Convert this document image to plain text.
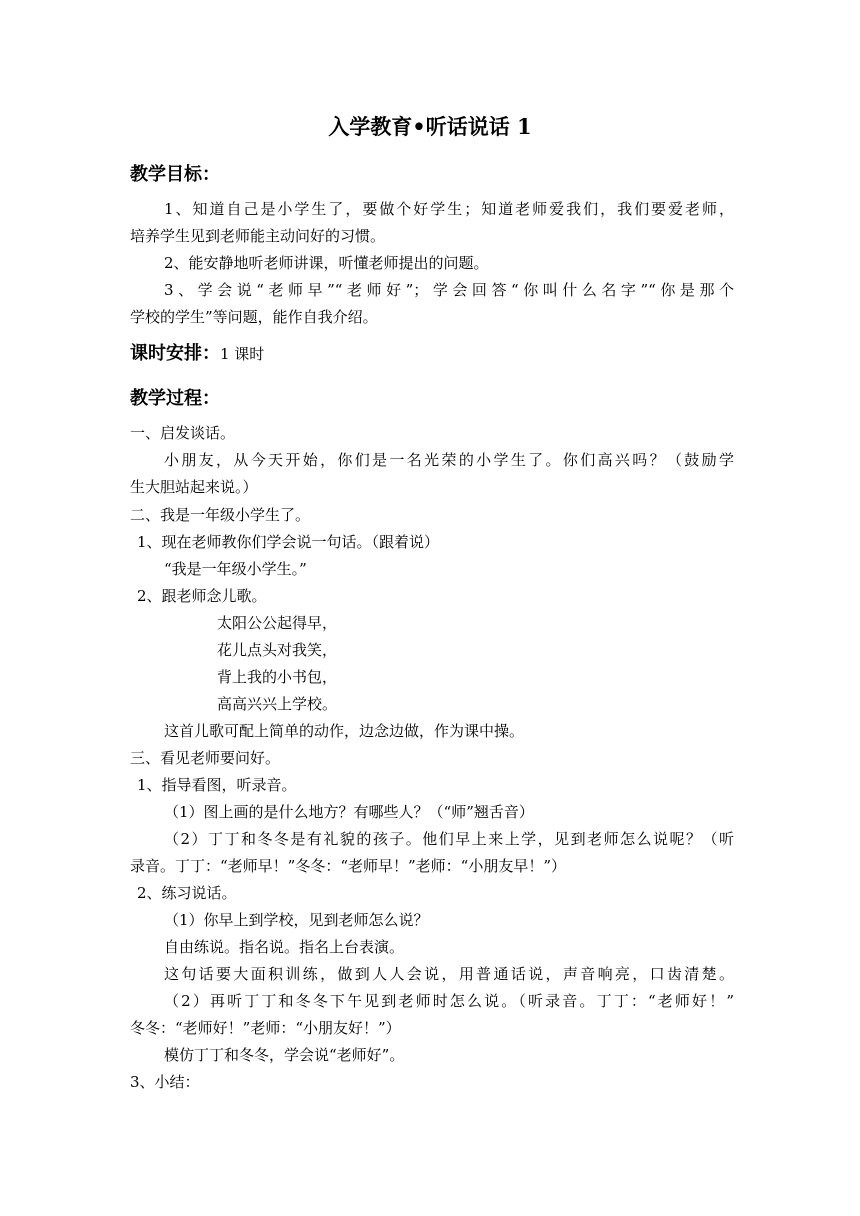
入学教育•听话说话 1
教学目标：
1、知道自己是小学生了，要做个好学生；知道老师爱我们，我们要爱老师，
培养学生见到老师能主动问好的习惯。
2、能安静地听老师讲课，听懂老师提出的问题。
3、学会说“老师早”“老师好”；学会回答“你叫什么名字”“你是那个
学校的学生”等问题，能作自我介绍。
课时安排：1 课时
教学过程：
一、启发谈话。
小朋友，从今天开始，你们是一名光荣的小学生了。你们高兴吗？（鼓励学
生大胆站起来说。）
二、我是一年级小学生了。
1、现在老师教你们学会说一句话。（跟着说）
“我是一年级小学生。”
2、跟老师念儿歌。
太阳公公起得早，
花儿点头对我笑，
背上我的小书包，
高高兴兴上学校。
这首儿歌可配上简单的动作，边念边做，作为课中操。
三、看见老师要问好。
1、指导看图，听录音。
（1）图上画的是什么地方？有哪些人？（“师”翘舌音）
（2）丁丁和冬冬是有礼貌的孩子。他们早上来上学，见到老师怎么说呢？（听
录音。丁丁：“老师早！”冬冬：“老师早！”老师：“小朋友早！”）
2、练习说话。
（1）你早上到学校，见到老师怎么说？
自由练说。指名说。指名上台表演。
这句话要大面积训练，做到人人会说，用普通话说，声音响亮，口齿清楚。
（2）再听丁丁和冬冬下午见到老师时怎么说。（听录音。丁丁：“老师好！”
冬冬：“老师好！”老师：“小朋友好！”）
模仿丁丁和冬冬，学会说“老师好”。
3、小结：
